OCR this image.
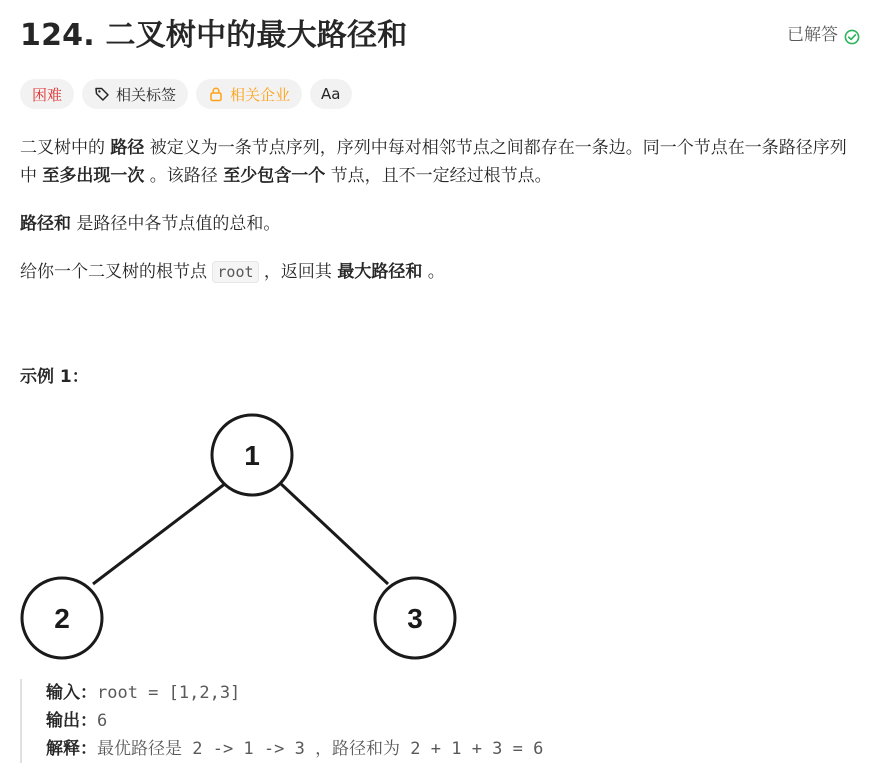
124. 二叉树中的最大路径和	已解答
困难	相关标签	相关企业 Aa

二叉树中的 路径 被定义为一条节点序列，序列中每对相邻节点之间都存在一条边。同一个节点在一条路径序列中 至多出现一次 。该路径 至少包含一个 节点，且不一定经过根节点。

路径和 是路径中各节点值的总和。

给你一个二叉树的根节点 root ，返回其 最大路径和 。

示例 1：
1
2	3
输入：root = [1,2,3]
输出：6
解释：最优路径是 2 -> 1 -> 3 ，路径和为 2 + 1 + 3 = 6
